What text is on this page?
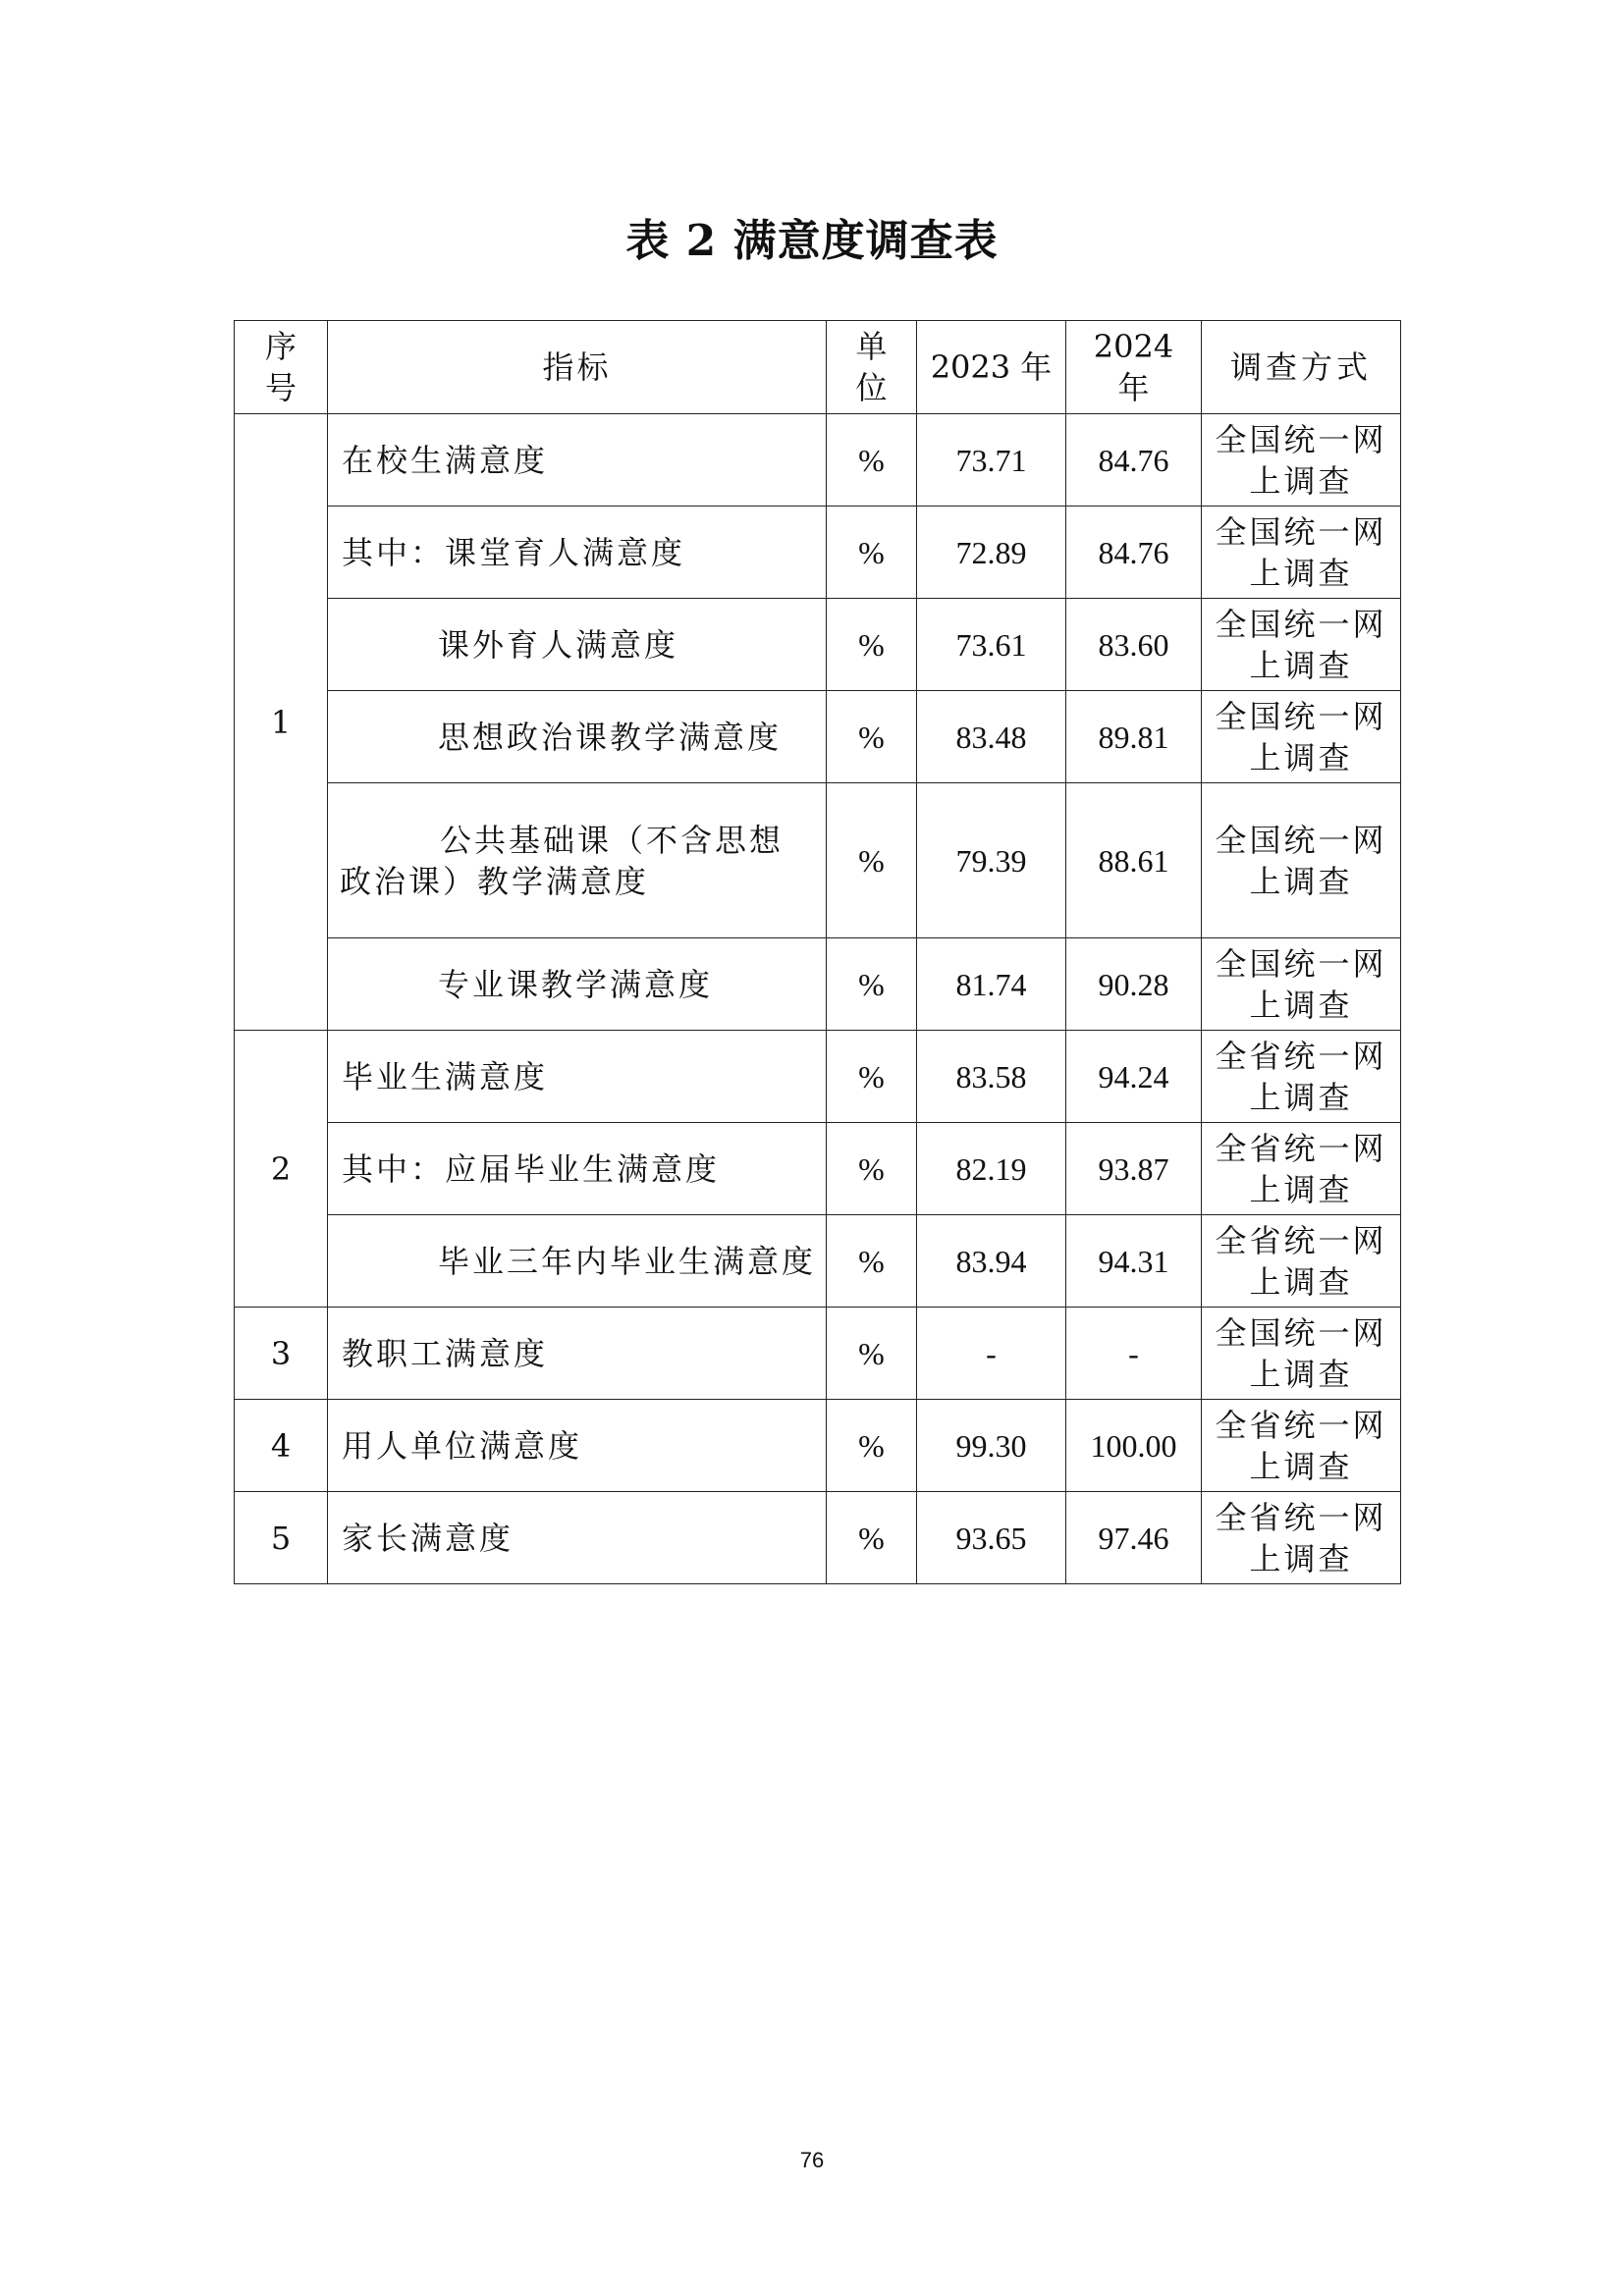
表 2 满意度调查表
序号	指标	单位	2023 年	2024 年	调查方式
1	在校生满意度	%	73.71	84.76	全国统一网
上调查

	其中：课堂育人满意度	%	72.89	84.76	全国统一网
上调查

	课外育人满意度	%	73.61	83.60	全国统一网
上调查

	思想政治课教学满意度	%	83.48	89.81	全国统一网
上调查

	公共基础课（不含思想政治课）教学满意度	%	79.39	88.61	全国统一网
上调查

	专业课教学满意度	%	81.74	90.28	全国统一网
上调查

2	毕业生满意度	%	83.58	94.24	全省统一网
上调查

	其中：应届毕业生满意度	%	82.19	93.87	全省统一网
上调查

	毕业三年内毕业生满意度	%	83.94	94.31	全省统一网
上调查

3	教职工满意度	%	-	-	全国统一网
上调查

4	用人单位满意度	%	99.30	100.00	全省统一网
上调查

5	家长满意度	%	93.65	97.46	全省统一网
上调查
76
